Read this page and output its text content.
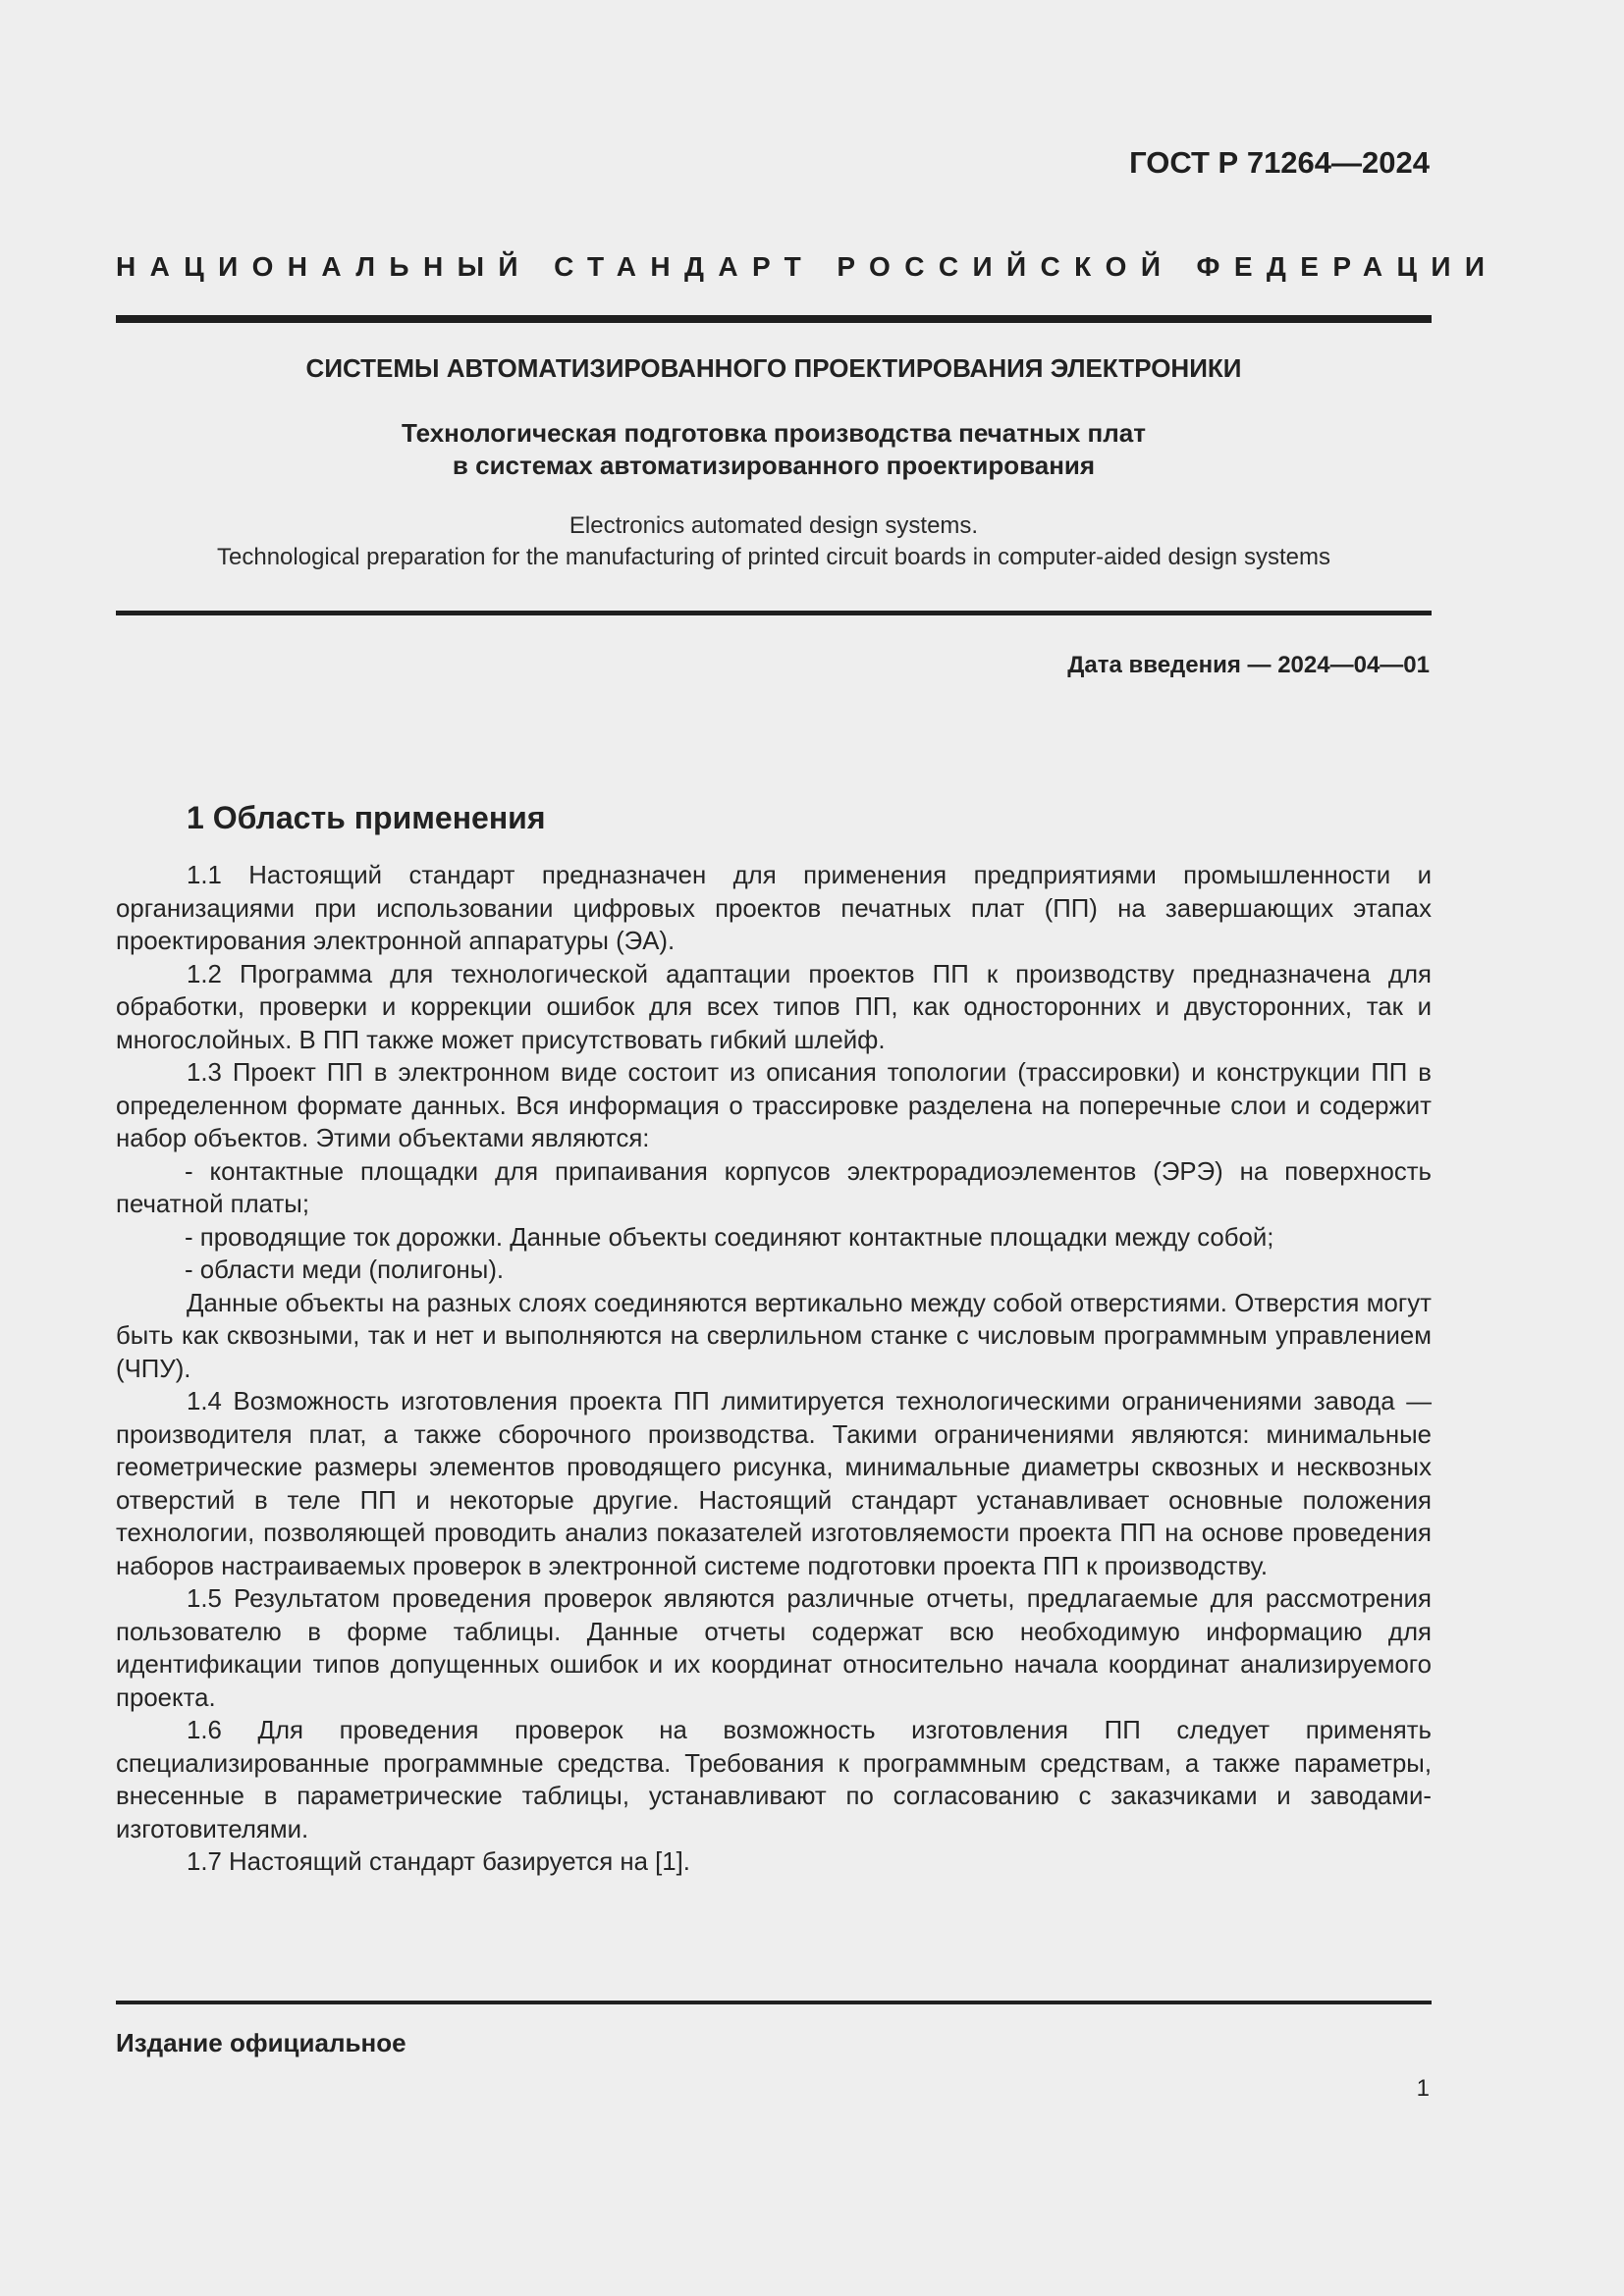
ГОСТ Р 71264—2024
НАЦИОНАЛЬНЫЙ СТАНДАРТ РОССИЙСКОЙ ФЕДЕРАЦИИ
СИСТЕМЫ АВТОМАТИЗИРОВАННОГО ПРОЕКТИРОВАНИЯ ЭЛЕКТРОНИКИ
Технологическая подготовка производства печатных плат
в системах автоматизированного проектирования
Electronics automated design systems.
Technological preparation for the manufacturing of printed circuit boards in computer-aided design systems
Дата введения — 2024—04—01
1 Область применения

1.1 Настоящий стандарт предназначен для применения предприятиями промышленности и организациями при использовании цифровых проектов печатных плат (ПП) на завершающих этапах проектирования электронной аппаратуры (ЭА).

1.2 Программа для технологической адаптации проектов ПП к производству предназначена для обработки, проверки и коррекции ошибок для всех типов ПП, как односторонних и двусторонних, так и многослойных. В ПП также может присутствовать гибкий шлейф.

1.3 Проект ПП в электронном виде состоит из описания топологии (трассировки) и конструкции ПП в определенном формате данных. Вся информация о трассировке разделена на поперечные слои и содержит набор объектов. Этими объектами являются:

- контактные площадки для припаивания корпусов электрорадиоэлементов (ЭРЭ) на поверхность печатной платы;

- проводящие ток дорожки. Данные объекты соединяют контактные площадки между собой;

- области меди (полигоны).

Данные объекты на разных слоях соединяются вертикально между собой отверстиями. Отверстия могут быть как сквозными, так и нет и выполняются на сверлильном станке с числовым программным управлением (ЧПУ).

1.4 Возможность изготовления проекта ПП лимитируется технологическими ограничениями завода — производителя плат, а также сборочного производства. Такими ограничениями являются: минимальные геометрические размеры элементов проводящего рисунка, минимальные диаметры сквозных и несквозных отверстий в теле ПП и некоторые другие. Настоящий стандарт устанавливает основные положения технологии, позволяющей проводить анализ показателей изготовляемости проекта ПП на основе проведения наборов настраиваемых проверок в электронной системе подготовки проекта ПП к производству.

1.5 Результатом проведения проверок являются различные отчеты, предлагаемые для рассмотрения пользователю в форме таблицы. Данные отчеты содержат всю необходимую информацию для идентификации типов допущенных ошибок и их координат относительно начала координат анализируемого проекта.

1.6 Для проведения проверок на возможность изготовления ПП следует применять специализированные программные средства. Требования к программным средствам, а также параметры, внесенные в параметрические таблицы, устанавливают по согласованию с заказчиками и заводами-изготовителями.

1.7 Настоящий стандарт базируется на [1].

Издание официальное
1
